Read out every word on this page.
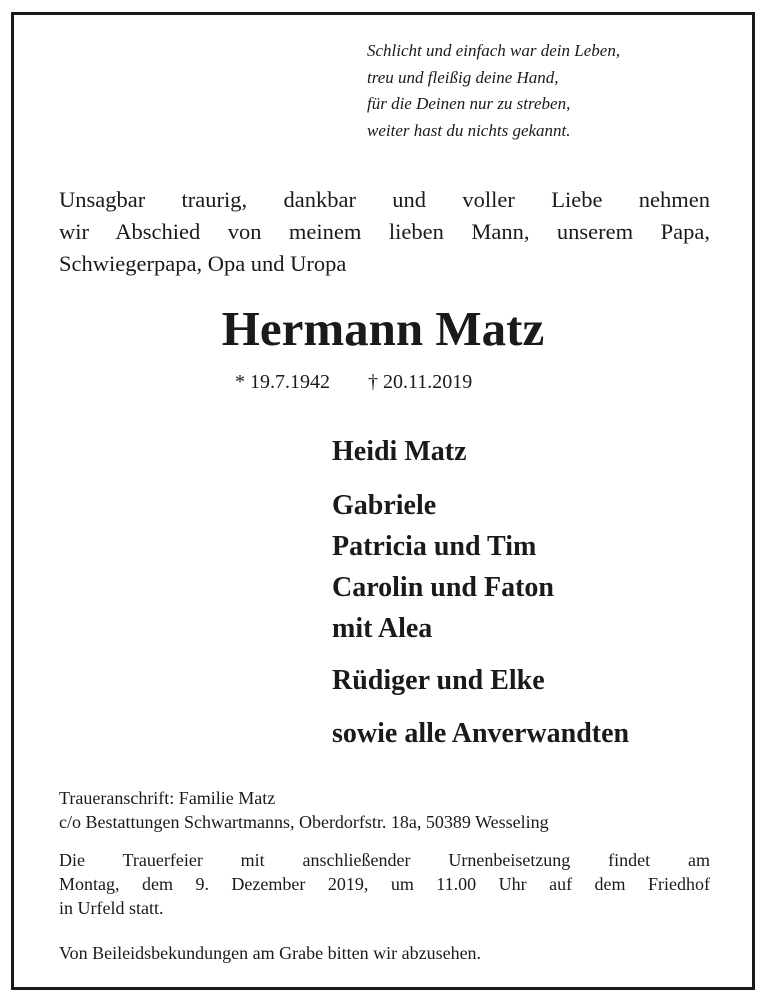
Schlicht und einfach war dein Leben,
treu und fleißig deine Hand,
für die Deinen nur zu streben,
weiter hast du nichts gekannt.
Unsagbar traurig, dankbar und voller Liebe nehmen
wir Abschied von meinem lieben Mann, unserem Papa,
Schwiegerpapa, Opa und Uropa
Hermann Matz
* 19.7.1942 † 20.11.2019
Heidi Matz
Gabriele
Patricia und Tim
Carolin und Faton
mit Alea
Rüdiger und Elke
sowie alle Anverwandten
Traueranschrift: Familie Matz
c/o Bestattungen Schwartmanns, Oberdorfstr. 18a, 50389 Wesseling
Die Trauerfeier mit anschließender Urnenbeisetzung findet am
Montag, dem 9. Dezember 2019, um 11.00 Uhr auf dem Friedhof
in Urfeld statt.
Von Beileidsbekundungen am Grabe bitten wir abzusehen.
